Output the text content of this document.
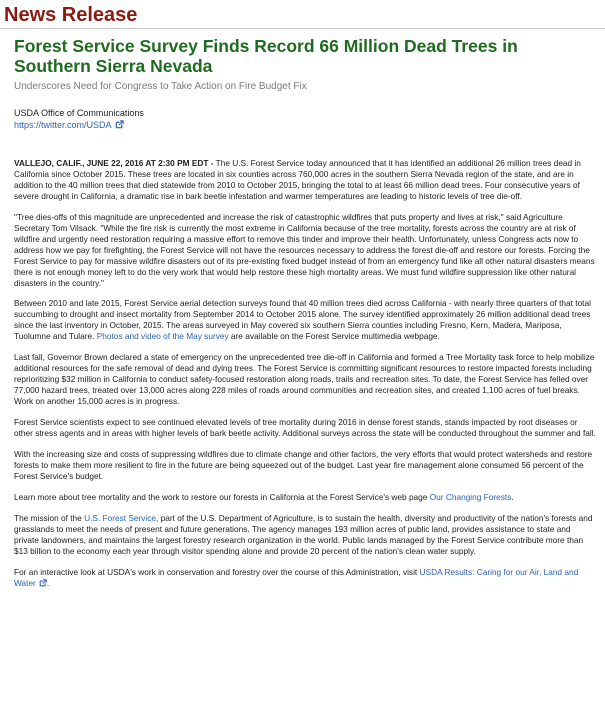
News Release
Forest Service Survey Finds Record 66 Million Dead Trees in Southern Sierra Nevada
Underscores Need for Congress to Take Action on Fire Budget Fix
USDA Office of Communications
https://twitter.com/USDA

VALLEJO, CALIF., JUNE 22, 2016 AT 2:30 PM EDT - The U.S. Forest Service today announced that it has identified an additional 26 million trees dead in California since October 2015. These trees are located in six counties across 760,000 acres in the southern Sierra Nevada region of the state, and are in addition to the 40 million trees that died statewide from 2010 to October 2015, bringing the total to at least 66 million dead trees. Four consecutive years of severe drought in California, a dramatic rise in bark beetle infestation and warmer temperatures are leading to historic levels of tree die-off.

"Tree dies-offs of this magnitude are unprecedented and increase the risk of catastrophic wildfires that puts property and lives at risk," said Agriculture Secretary Tom Vilsack. "While the fire risk is currently the most extreme in California because of the tree mortality, forests across the country are at risk of wildfire and urgently need restoration requiring a massive effort to remove this tinder and improve their health. Unfortunately, unless Congress acts now to address how we pay for firefighting, the Forest Service will not have the resources necessary to address the forest die-off and restore our forests. Forcing the Forest Service to pay for massive wildfire disasters out of its pre-existing fixed budget instead of from an emergency fund like all other natural disasters means there is not enough money left to do the very work that would help restore these high mortality areas. We must fund wildfire suppression like other natural disasters in the country."

Between 2010 and late 2015, Forest Service aerial detection surveys found that 40 million trees died across California - with nearly three quarters of that total succumbing to drought and insect mortality from September 2014 to October 2015 alone. The survey identified approximately 26 million additional dead trees since the last inventory in October, 2015. The areas surveyed in May covered six southern Sierra counties including Fresno, Kern, Madera, Mariposa, Tuolumne and Tulare. Photos and video of the May survey are available on the Forest Service multimedia webpage.

Last fall, Governor Brown declared a state of emergency on the unprecedented tree die-off in California and formed a Tree Mortality task force to help mobilize additional resources for the safe removal of dead and dying trees. The Forest Service is committing significant resources to restore impacted forests including reprioritizing $32 million in California to conduct safety-focused restoration along roads, trails and recreation sites. To date, the Forest Service has felled over 77,000 hazard trees, treated over 13,000 acres along 228 miles of roads around communities and recreation sites, and created 1,100 acres of fuel breaks. Work on another 15,000 acres is in progress.

Forest Service scientists expect to see continued elevated levels of tree mortality during 2016 in dense forest stands, stands impacted by root diseases or other stress agents and in areas with higher levels of bark beetle activity. Additional surveys across the state will be conducted throughout the summer and fall.

With the increasing size and costs of suppressing wildfires due to climate change and other factors, the very efforts that would protect watersheds and restore forests to make them more resilient to fire in the future are being squeezed out of the budget. Last year fire management alone consumed 56 percent of the Forest Service's budget.

Learn more about tree mortality and the work to restore our forests in California at the Forest Service's web page Our Changing Forests.

The mission of the U.S. Forest Service, part of the U.S. Department of Agriculture, is to sustain the health, diversity and productivity of the nation's forests and grasslands to meet the needs of present and future generations. The agency manages 193 million acres of public land, provides assistance to state and private landowners, and maintains the largest forestry research organization in the world. Public lands managed by the Forest Service contribute more than $13 billion to the economy each year through visitor spending alone and provide 20 percent of the nation's clean water supply.

For an interactive look at USDA's work in conservation and forestry over the course of this Administration, visit USDA Results: Caring for our Air, Land and Water .
